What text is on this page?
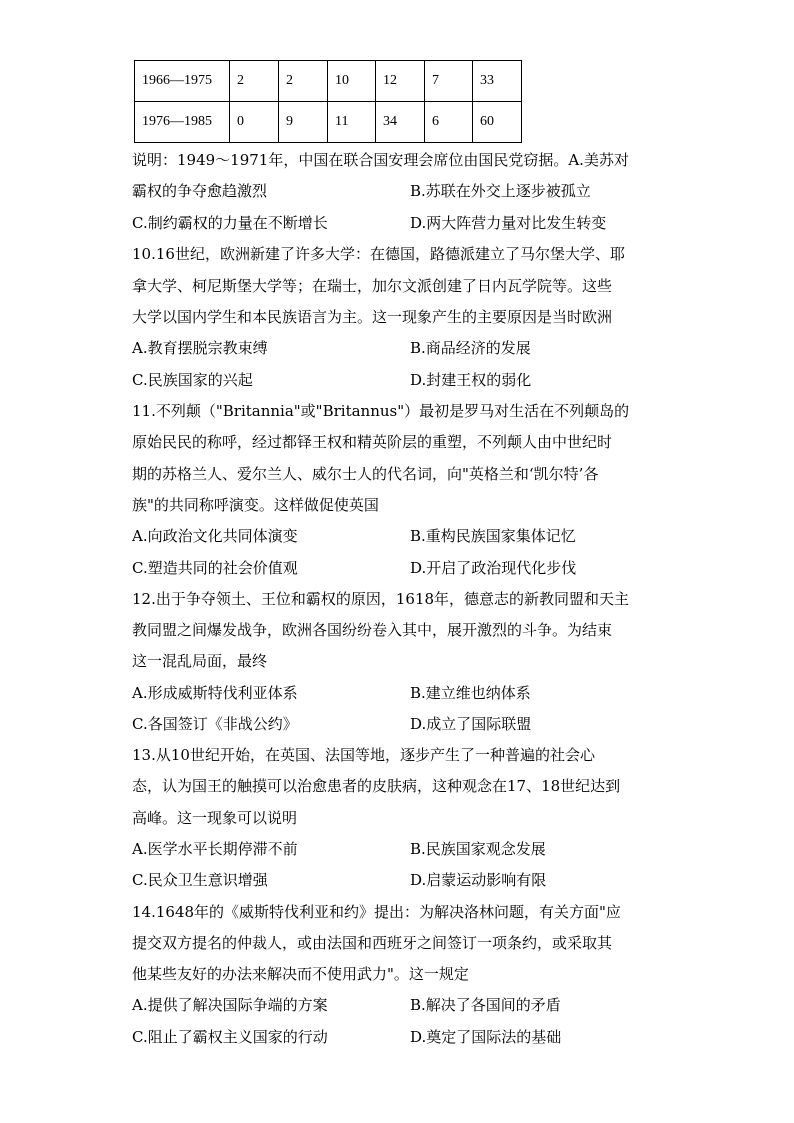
1966—1975	2	2	10	12	7	33
1976—1985	0	9	11	34	6	60
说明：1949～1971年，中国在联合国安理会席位由国民党窃据。A.美苏对
霸权的争夺愈趋激烈	B.苏联在外交上逐步被孤立
C.制约霸权的力量在不断增长	D.两大阵营力量对比发生转变
10.16世纪，欧洲新建了许多大学：在德国，路德派建立了马尔堡大学、耶
拿大学、柯尼斯堡大学等；在瑞士，加尔文派创建了日内瓦学院等。这些
大学以国内学生和本民族语言为主。这一现象产生的主要原因是当时欧洲
A.教育摆脱宗教束缚	B.商品经济的发展
C.民族国家的兴起	D.封建王权的弱化
11.不列颠（"Britannia"或"Britannus"）最初是罗马对生活在不列颠岛的
原始民民的称呼，经过都铎王权和精英阶层的重塑，不列颠人由中世纪时
期的苏格兰人、爱尔兰人、威尔士人的代名词，向"英格兰和‘凯尔特’各
族"的共同称呼演变。这样做促使英国
A.向政治文化共同体演变	B.重构民族国家集体记忆
C.塑造共同的社会价值观	D.开启了政治现代化步伐
12.出于争夺领土、王位和霸权的原因，1618年，德意志的新教同盟和天主
教同盟之间爆发战争，欧洲各国纷纷卷入其中，展开激烈的斗争。为结束
这一混乱局面，最终
A.形成威斯特伐利亚体系	B.建立维也纳体系
C.各国签订《非战公约》	D.成立了国际联盟
13.从10世纪开始，在英国、法国等地，逐步产生了一种普遍的社会心
态，认为国王的触摸可以治愈患者的皮肤病，这种观念在17、18世纪达到
高峰。这一现象可以说明
A.医学水平长期停滞不前	B.民族国家观念发展
C.民众卫生意识增强	D.启蒙运动影响有限
14.1648年的《威斯特伐利亚和约》提出：为解决洛林问题，有关方面"应
提交双方提名的仲裁人，或由法国和西班牙之间签订一项条约，或采取其
他某些友好的办法来解决而不使用武力"。这一规定
A.提供了解决国际争端的方案	B.解决了各国间的矛盾
C.阻止了霸权主义国家的行动	D.奠定了国际法的基础
